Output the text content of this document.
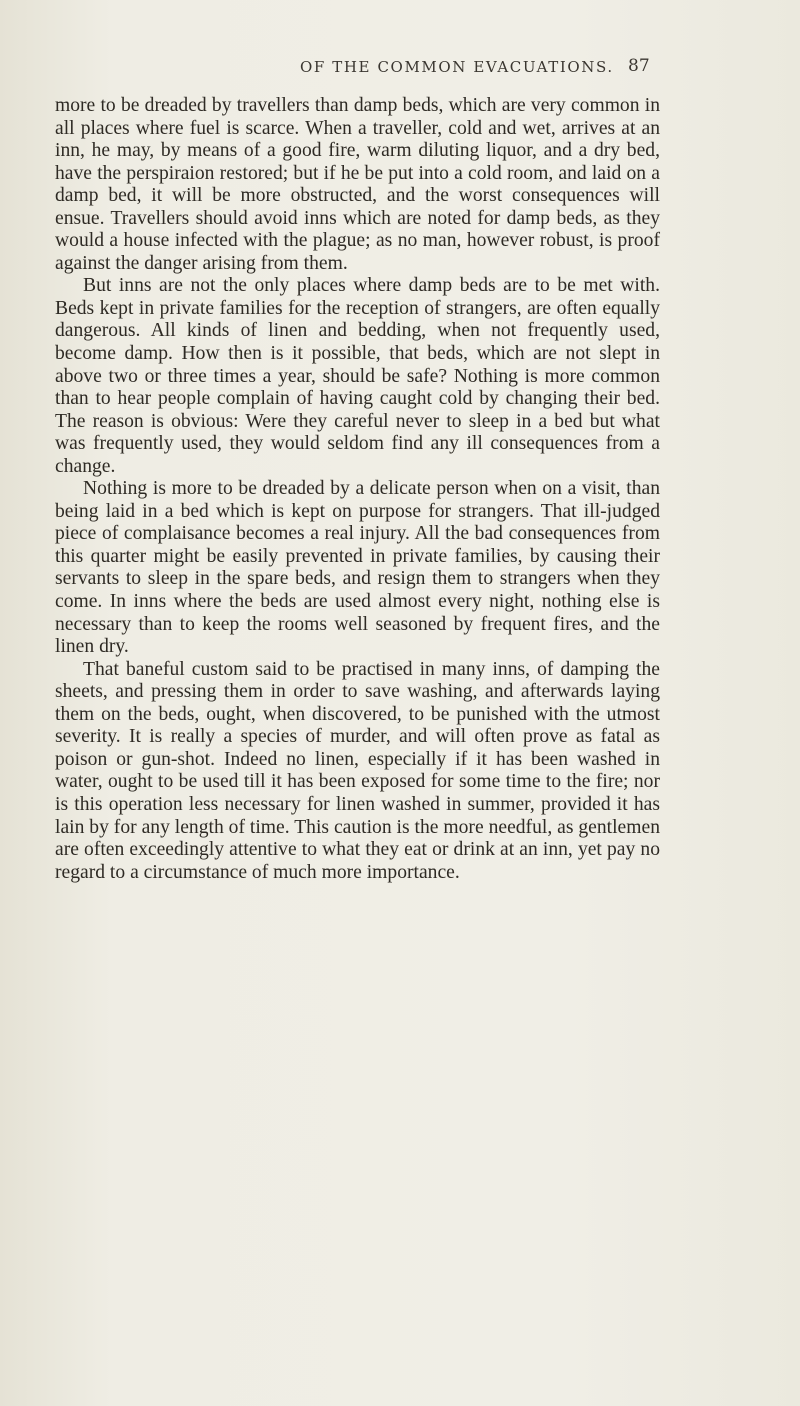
OF THE COMMON EVACUATIONS. 87

more to be dreaded by travellers than damp beds, which are very common in all places where fuel is scarce. When a traveller, cold and wet, arrives at an inn, he may, by means of a good fire, warm diluting liquor, and a dry bed, have the perspiraion restored; but if he be put into a cold room, and laid on a damp bed, it will be more obstructed, and the worst consequences will ensue. Travellers should avoid inns which are noted for damp beds, as they would a house infected with the plague; as no man, however robust, is proof against the danger arising from them.

But inns are not the only places where damp beds are to be met with. Beds kept in private families for the reception of strangers, are often equally dangerous. All kinds of linen and bedding, when not frequently used, become damp. How then is it possible, that beds, which are not slept in above two or three times a year, should be safe? Nothing is more common than to hear people complain of having caught cold by changing their bed. The reason is obvious: Were they careful never to sleep in a bed but what was frequently used, they would seldom find any ill consequences from a change.

Nothing is more to be dreaded by a delicate person when on a visit, than being laid in a bed which is kept on purpose for strangers. That ill-judged piece of complaisance becomes a real injury. All the bad consequences from this quarter might be easily prevented in private families, by causing their servants to sleep in the spare beds, and resign them to strangers when they come. In inns where the beds are used almost every night, nothing else is necessary than to keep the rooms well seasoned by frequent fires, and the linen dry.

That baneful custom said to be practised in many inns, of damping the sheets, and pressing them in order to save washing, and afterwards laying them on the beds, ought, when discovered, to be punished with the utmost severity. It is really a species of murder, and will often prove as fatal as poison or gun-shot. Indeed no linen, especially if it has been washed in water, ought to be used till it has been exposed for some time to the fire; nor is this operation less necessary for linen washed in summer, provided it has lain by for any length of time. This caution is the more needful, as gentlemen are often exceedingly attentive to what they eat or drink at an inn, yet pay no regard to a circumstance of much more importance.
